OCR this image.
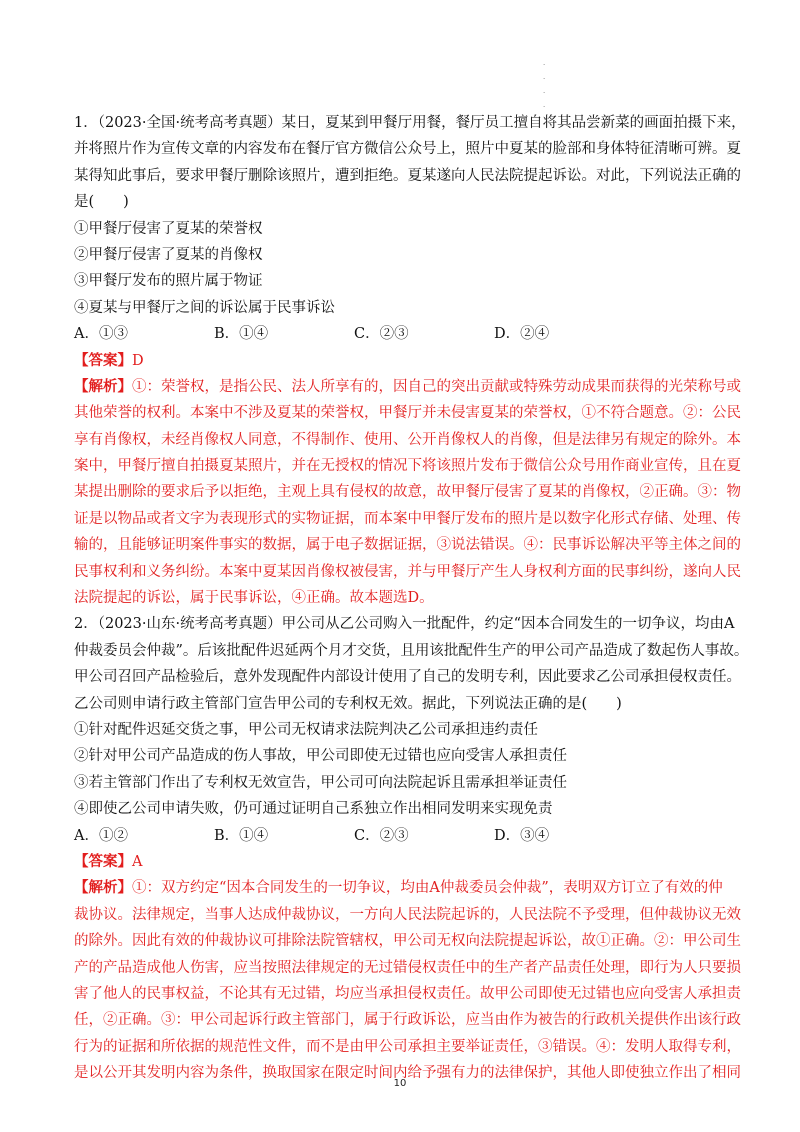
·
·
·
·
1．（2023·全国·统考高考真题）某日，夏某到甲餐厅用餐，餐厅员工擅自将其品尝新菜的画面拍摄下来，
并将照片作为宣传文章的内容发布在餐厅官方微信公众号上，照片中夏某的脸部和身体特征清晰可辨。夏
某得知此事后，要求甲餐厅删除该照片，遭到拒绝。夏某遂向人民法院提起诉讼。对此，下列说法正确的
是(　　)
①甲餐厅侵害了夏某的荣誉权
②甲餐厅侵害了夏某的肖像权
③甲餐厅发布的照片属于物证
④夏某与甲餐厅之间的诉讼属于民事诉讼
A．①③	B．①④	C．②③	D．②④
【答案】D
【解析】①：荣誉权，是指公民、法人所享有的，因自己的突出贡献或特殊劳动成果而获得的光荣称号或
其他荣誉的权利。本案中不涉及夏某的荣誉权，甲餐厅并未侵害夏某的荣誉权，①不符合题意。②：公民
享有肖像权，未经肖像权人同意，不得制作、使用、公开肖像权人的肖像，但是法律另有规定的除外。本
案中，甲餐厅擅自拍摄夏某照片，并在无授权的情况下将该照片发布于微信公众号用作商业宣传，且在夏
某提出删除的要求后予以拒绝，主观上具有侵权的故意，故甲餐厅侵害了夏某的肖像权，②正确。③：物
证是以物品或者文字为表现形式的实物证据，而本案中甲餐厅发布的照片是以数字化形式存储、处理、传
输的，且能够证明案件事实的数据，属于电子数据证据，③说法错误。④：民事诉讼解决平等主体之间的
民事权利和义务纠纷。本案中夏某因肖像权被侵害，并与甲餐厅产生人身权利方面的民事纠纷，遂向人民
法院提起的诉讼，属于民事诉讼，④正确。故本题选D。
2．（2023·山东·统考高考真题）甲公司从乙公司购入一批配件，约定“因本合同发生的一切争议，均由A
仲裁委员会仲裁”。后该批配件迟延两个月才交货，且用该批配件生产的甲公司产品造成了数起伤人事故。
甲公司召回产品检验后，意外发现配件内部设计使用了自己的发明专利，因此要求乙公司承担侵权责任。
乙公司则申请行政主管部门宣告甲公司的专利权无效。据此，下列说法正确的是(　　)
①针对配件迟延交货之事，甲公司无权请求法院判决乙公司承担违约责任
②针对甲公司产品造成的伤人事故，甲公司即使无过错也应向受害人承担责任
③若主管部门作出了专利权无效宣告，甲公司可向法院起诉且需承担举证责任
④即使乙公司申请失败，仍可通过证明自己系独立作出相同发明来实现免责
A．①②	B．①④	C．②③	D．③④
【答案】A
【解析】①：双方约定“因本合同发生的一切争议，均由A仲裁委员会仲裁”，表明双方订立了有效的仲
裁协议。法律规定，当事人达成仲裁协议，一方向人民法院起诉的，人民法院不予受理，但仲裁协议无效
的除外。因此有效的仲裁协议可排除法院管辖权，甲公司无权向法院提起诉讼，故①正确。②：甲公司生
产的产品造成他人伤害，应当按照法律规定的无过错侵权责任中的生产者产品责任处理，即行为人只要损
害了他人的民事权益，不论其有无过错，均应当承担侵权责任。故甲公司即使无过错也应向受害人承担责
任，②正确。③：甲公司起诉行政主管部门，属于行政诉讼，应当由作为被告的行政机关提供作出该行政
行为的证据和所依据的规范性文件，而不是由甲公司承担主要举证责任，③错误。④：发明人取得专利，
是以公开其发明内容为条件，换取国家在限定时间内给予强有力的法律保护，其他人即使独立作出了相同
10
